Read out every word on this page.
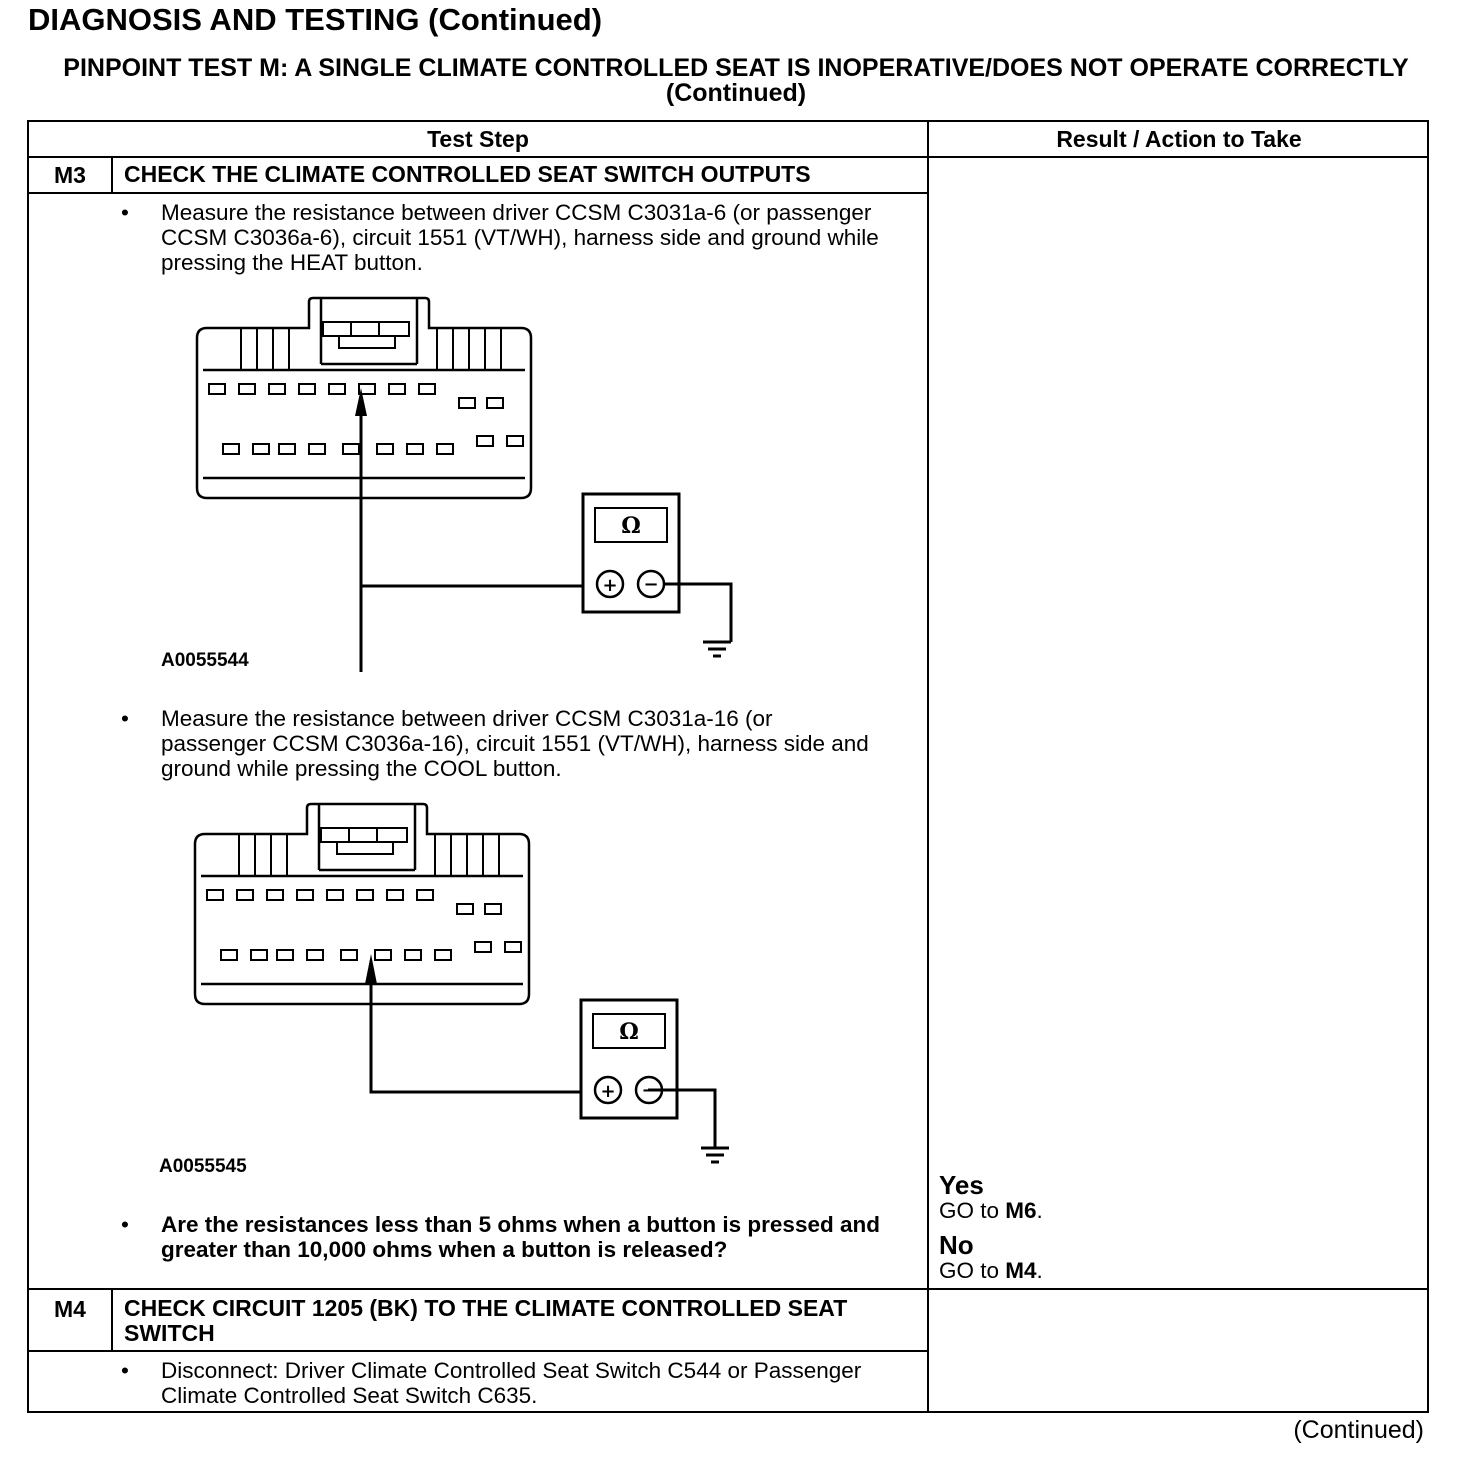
DIAGNOSIS AND TESTING (Continued)
PINPOINT TEST M: A SINGLE CLIMATE CONTROLLED SEAT IS INOPERATIVE/DOES NOT OPERATE CORRECTLY (Continued)
Test Step	Result / Action to Take
M3	CHECK THE CLIMATE CONTROLLED SEAT SWITCH OUTPUTS
• Measure the resistance between driver CCSM C3031a-6 (or passenger CCSM C3036a-6), circuit 1551 (VT/WH), harness side and ground while pressing the HEAT button.
Ω
+ −
A0055544
• Measure the resistance between driver CCSM C3031a-16 (or passenger CCSM C3036a-16), circuit 1551 (VT/WH), harness side and ground while pressing the COOL button.
Ω
+ −
A0055545
• Are the resistances less than 5 ohms when a button is pressed and greater than 10,000 ohms when a button is released?
Yes
GO to M6.
No
GO to M4.
M4	CHECK CIRCUIT 1205 (BK) TO THE CLIMATE CONTROLLED SEAT SWITCH
• Disconnect: Driver Climate Controlled Seat Switch C544 or Passenger Climate Controlled Seat Switch C635.
(Continued)
